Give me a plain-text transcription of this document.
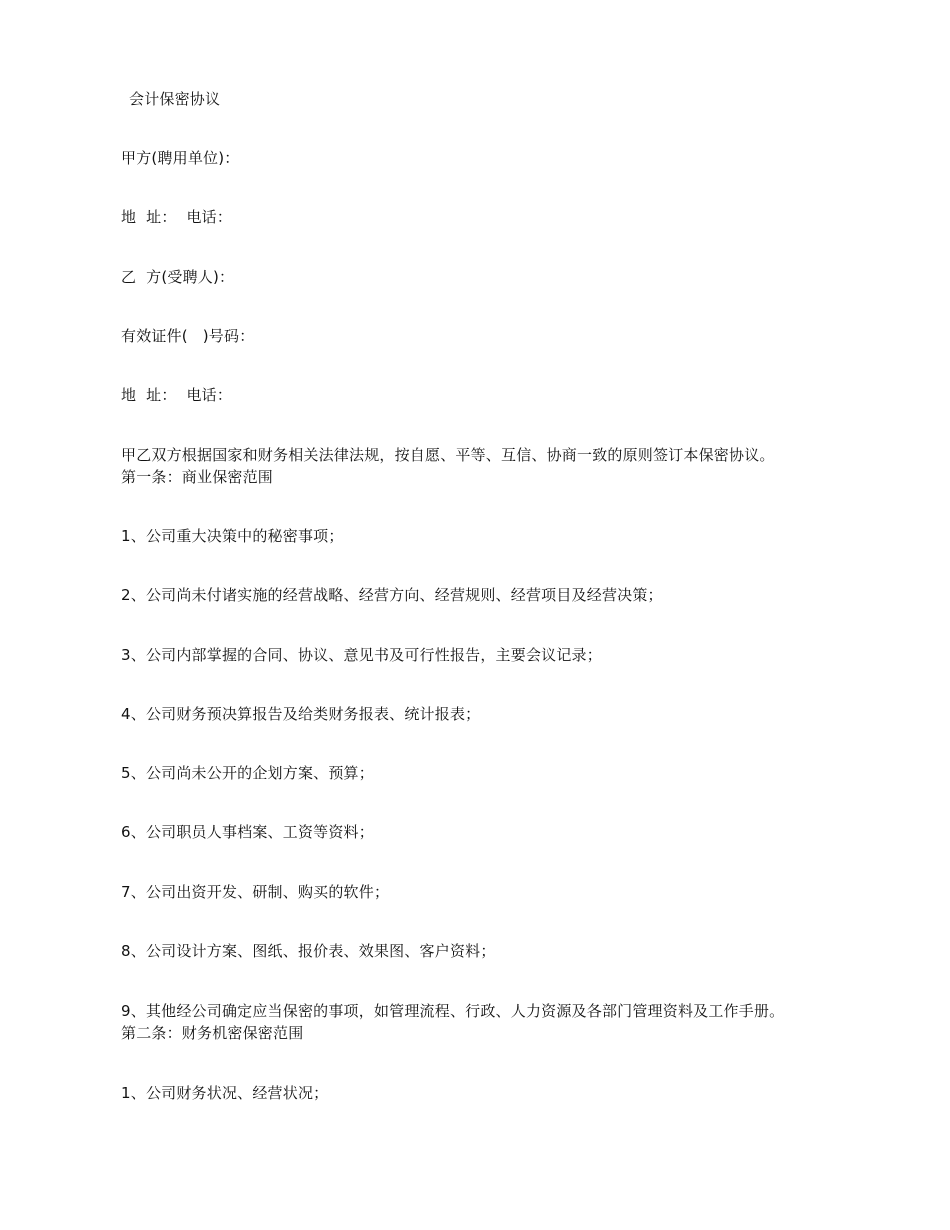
会计保密协议
甲方(聘用单位)：
地  址：  电话：
乙  方(受聘人)：
有效证件(   )号码：
地  址：  电话：
甲乙双方根据国家和财务相关法律法规，按自愿、平等、互信、协商一致的原则签订本保密协议。
第一条：商业保密范围
1、公司重大决策中的秘密事项；
2、公司尚未付诸实施的经营战略、经营方向、经营规则、经营项目及经营决策；
3、公司内部掌握的合同、协议、意见书及可行性报告，主要会议记录；
4、公司财务预决算报告及给类财务报表、统计报表；
5、公司尚未公开的企划方案、预算；
6、公司职员人事档案、工资等资料；
7、公司出资开发、研制、购买的软件；
8、公司设计方案、图纸、报价表、效果图、客户资料；
9、其他经公司确定应当保密的事项，如管理流程、行政、人力资源及各部门管理资料及工作手册。
第二条：财务机密保密范围
1、公司财务状况、经营状况；
